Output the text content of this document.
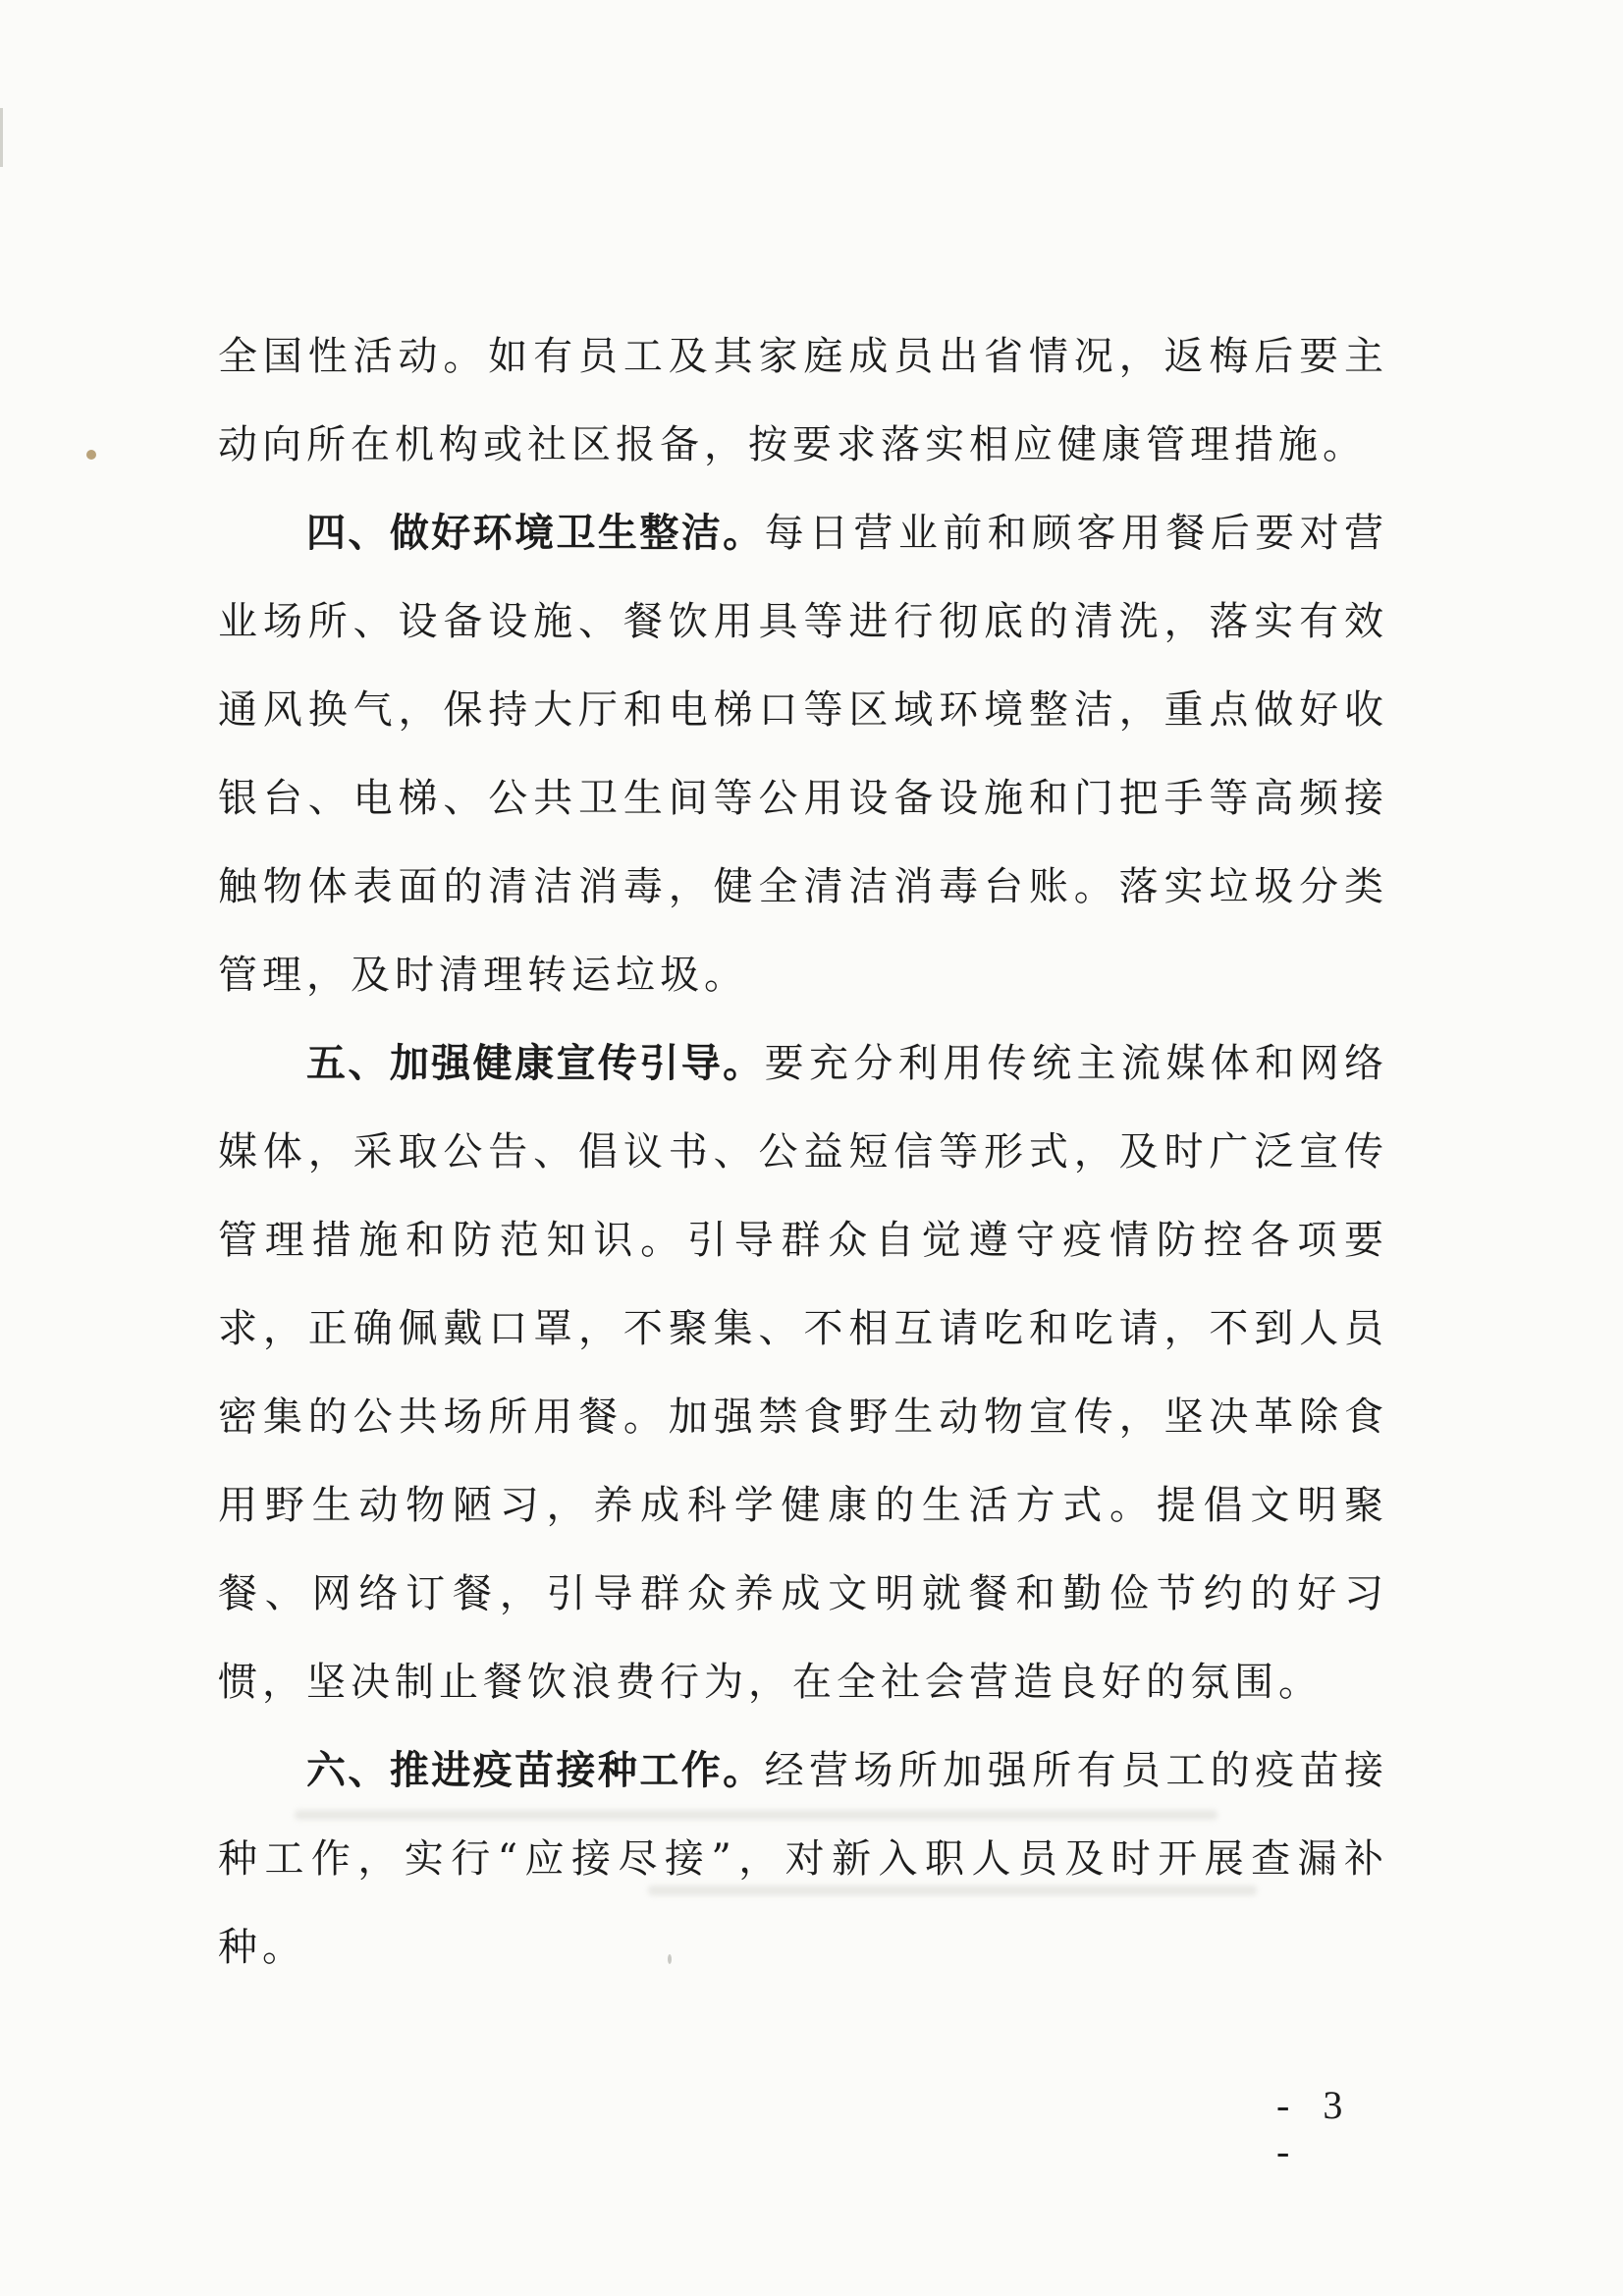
全国性活动。如有员工及其家庭成员出省情况，返梅后要主动向所在机构或社区报备，按要求落实相应健康管理措施。

四、做好环境卫生整洁。每日营业前和顾客用餐后要对营业场所、设备设施、餐饮用具等进行彻底的清洗，落实有效通风换气，保持大厅和电梯口等区域环境整洁，重点做好收银台、电梯、公共卫生间等公用设备设施和门把手等高频接触物体表面的清洁消毒，健全清洁消毒台账。落实垃圾分类管理，及时清理转运垃圾。

五、加强健康宣传引导。要充分利用传统主流媒体和网络媒体，采取公告、倡议书、公益短信等形式，及时广泛宣传管理措施和防范知识。引导群众自觉遵守疫情防控各项要求，正确佩戴口罩，不聚集、不相互请吃和吃请，不到人员密集的公共场所用餐。加强禁食野生动物宣传，坚决革除食用野生动物陋习，养成科学健康的生活方式。提倡文明聚餐、网络订餐，引导群众养成文明就餐和勤俭节约的好习惯，坚决制止餐饮浪费行为，在全社会营造良好的氛围。

六、推进疫苗接种工作。经营场所加强所有员工的疫苗接种工作，实行“应接尽接”，对新入职人员及时开展查漏补种。

- 3 -
